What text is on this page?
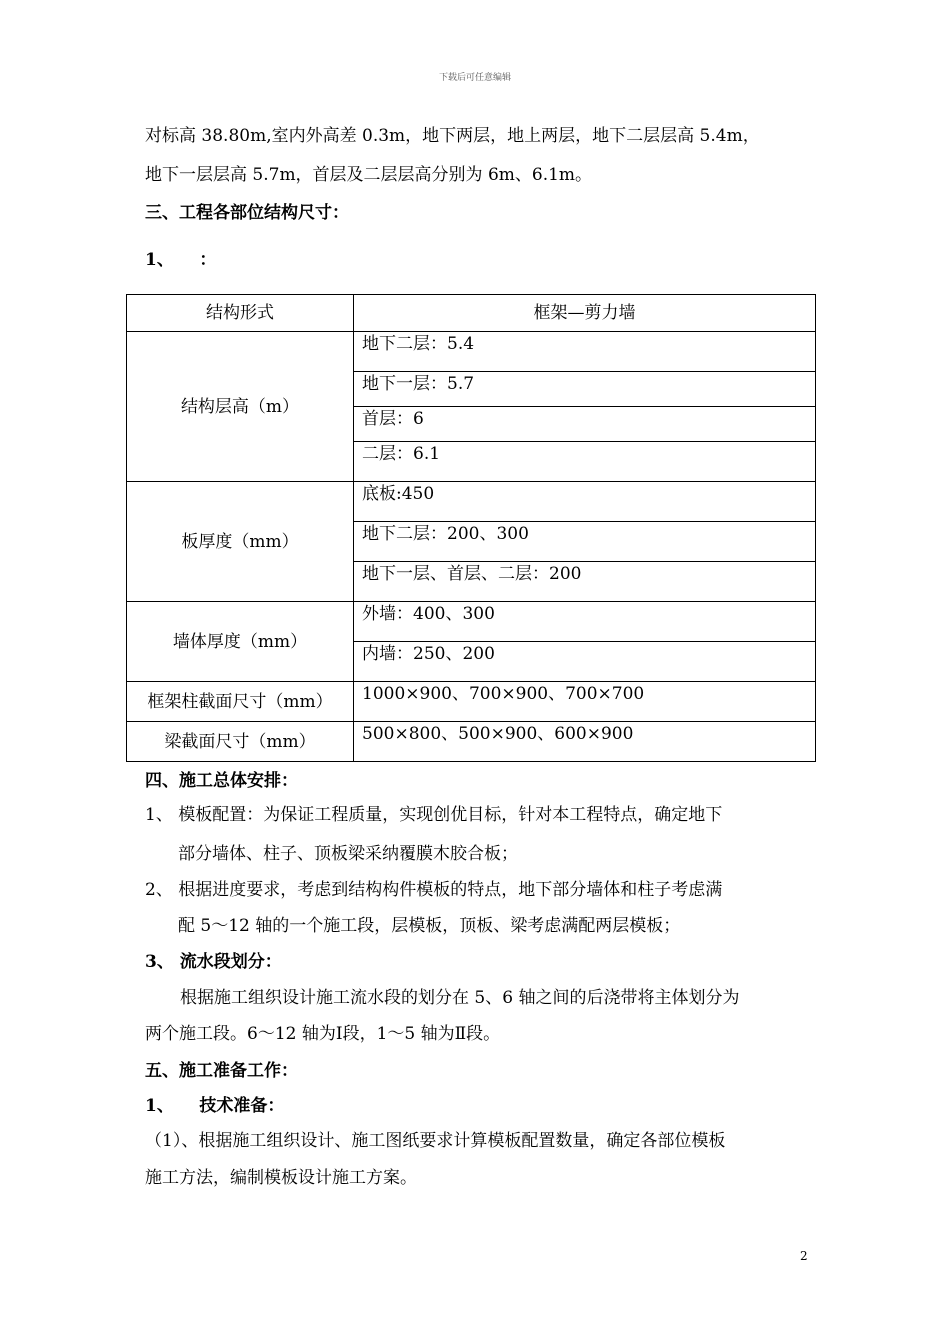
下载后可任意编辑
对标高 38.80m,室内外高差 0.3m，地下两层，地上两层，地下二层层高 5.4m，
地下一层层高 5.7m，首层及二层层高分别为 6m、6.1m。
三、工程各部位结构尺寸：
1、　　：
结构形式	框架—剪力墙
结构层高（m）	地下二层：5.4
	地下一层：5.7
	首层：6
	二层：6.1
板厚度（mm）	底板:450
	地下二层：200、300
	地下一层、首层、二层：200
墙体厚度（mm）	外墙：400、300
	内墙：250、200
框架柱截面尺寸（mm）	1000×900、700×900、700×700
梁截面尺寸（mm）	500×800、500×900、600×900
四、施工总体安排：
1、 模板配置：为保证工程质量，实现创优目标，针对本工程特点，确定地下
部分墙体、柱子、顶板梁采纳覆膜木胶合板；
2、 根据进度要求，考虑到结构构件模板的特点，地下部分墙体和柱子考虑满
配 5～12 轴的一个施工段，层模板，顶板、梁考虑满配两层模板；
3、 流水段划分：
根据施工组织设计施工流水段的划分在 5、6 轴之间的后浇带将主体划分为
两个施工段。6～12 轴为Ⅰ段，1～5 轴为Ⅱ段。
五、施工准备工作：
1、　　技术准备：
（1）、根据施工组织设计、施工图纸要求计算模板配置数量，确定各部位模板
施工方法，编制模板设计施工方案。
2
